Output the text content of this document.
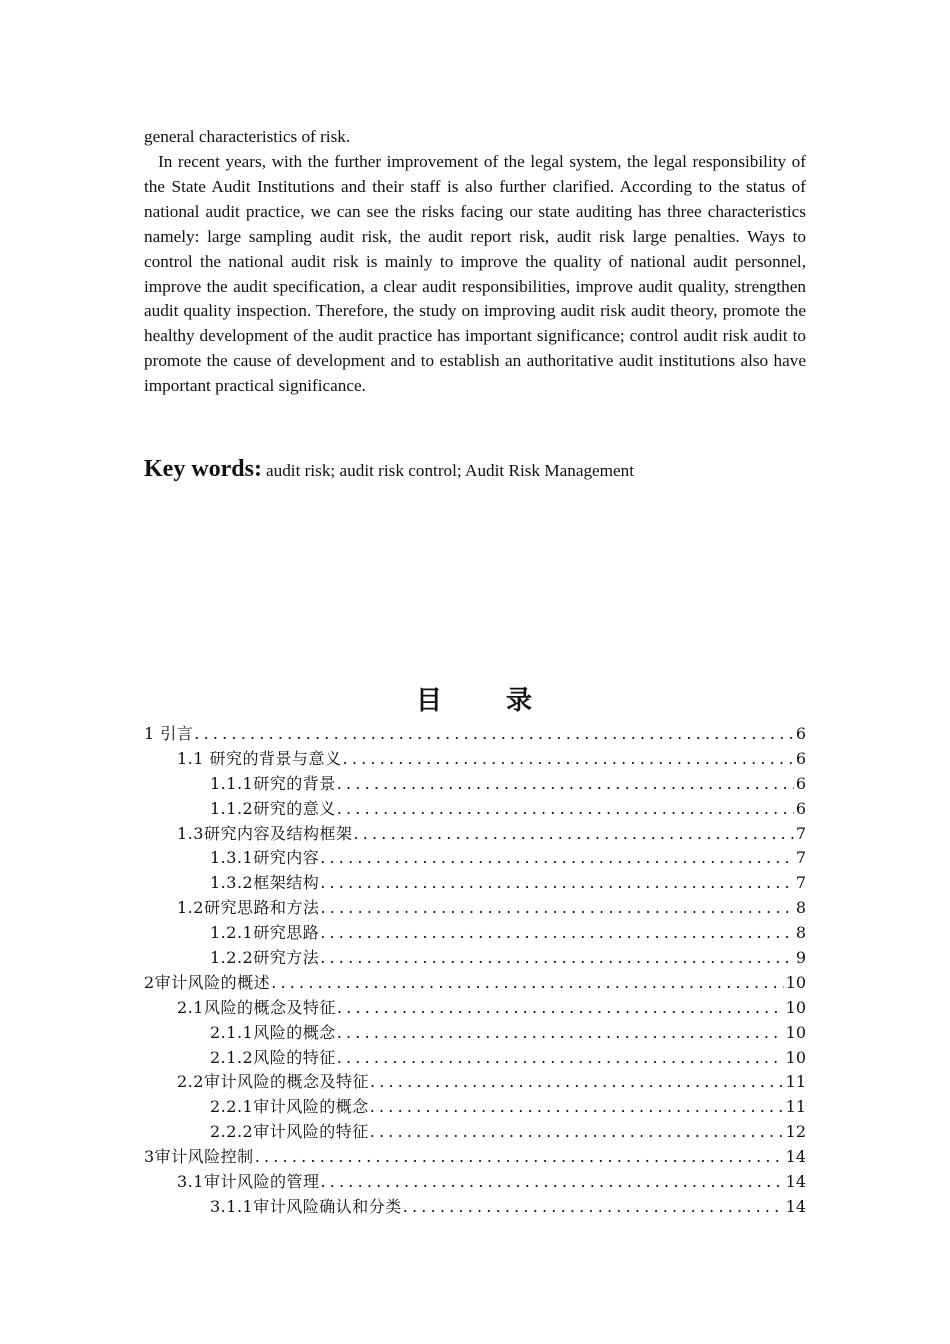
general characteristics of risk.

In recent years, with the further improvement of the legal system, the legal responsibility of the State Audit Institutions and their staff is also further clarified. According to the status of national audit practice, we can see the risks facing our state auditing has three characteristics namely: large sampling audit risk, the audit report risk, audit risk large penalties. Ways to control the national audit risk is mainly to improve the quality of national audit personnel, improve the audit specification, a clear audit responsibilities, improve audit quality, strengthen audit quality inspection. Therefore, the study on improving audit risk audit theory, promote the healthy development of the audit practice has important significance; control audit risk audit to promote the cause of development and to establish an authoritative audit institutions also have important practical significance.

Key words: audit risk; audit risk control; Audit Risk Management

目 录
1 引言 .....	6
1.1 研究的背景与意义 .....	6
1.1.1研究的背景 .....	6
1.1.2研究的意义 .....	6
1.3研究内容及结构框架 .....	7
1.3.1研究内容 .....	7
1.3.2框架结构 .....	7
1.2研究思路和方法 .....	8
1.2.1研究思路 .....	8
1.2.2研究方法 .....	9
2审计风险的概述 .....	10
2.1风险的概念及特征 .....	10
2.1.1风险的概念 .....	10
2.1.2风险的特征 .....	10
2.2审计风险的概念及特征 .....	11
2.2.1审计风险的概念 .....	11
2.2.2审计风险的特征 .....	12
3审计风险控制 .....	14
3.1审计风险的管理 .....	14
3.1.1审计风险确认和分类 .....	14
